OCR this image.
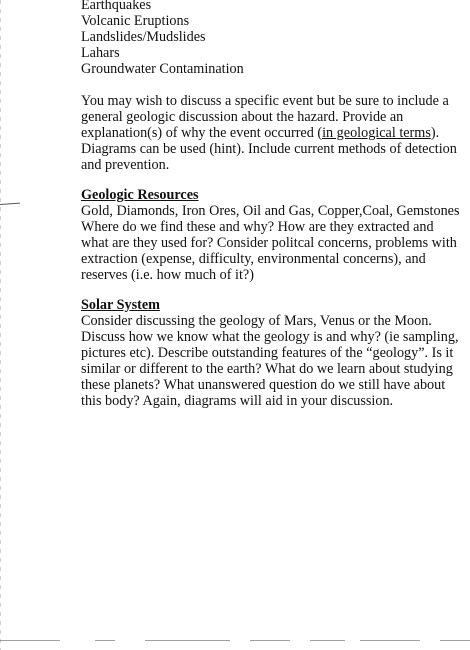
Earthquakes
Volcanic Eruptions
Landslides/Mudslides
Lahars
Groundwater Contamination
You may wish to discuss a specific event but be sure to include a
general geologic discussion about the hazard. Provide an
explanation(s) of why the event occurred (in geological terms).
Diagrams can be used (hint). Include current methods of detection
and prevention.
Geologic Resources
Gold, Diamonds, Iron Ores, Oil and Gas, Copper,Coal, Gemstones
Where do we find these and why? How are they extracted and
what are they used for? Consider politcal concerns, problems with
extraction (expense, difficulty, environmental concerns), and
reserves (i.e. how much of it?)
Solar System
Consider discussing the geology of Mars, Venus or the Moon.
Discuss how we know what the geology is and why? (ie sampling,
pictures etc). Describe outstanding features of the “geology”. Is it
similar or different to the earth? What do we learn about studying
these planets? What unanswered question do we still have about
this body? Again, diagrams will aid in your discussion.
